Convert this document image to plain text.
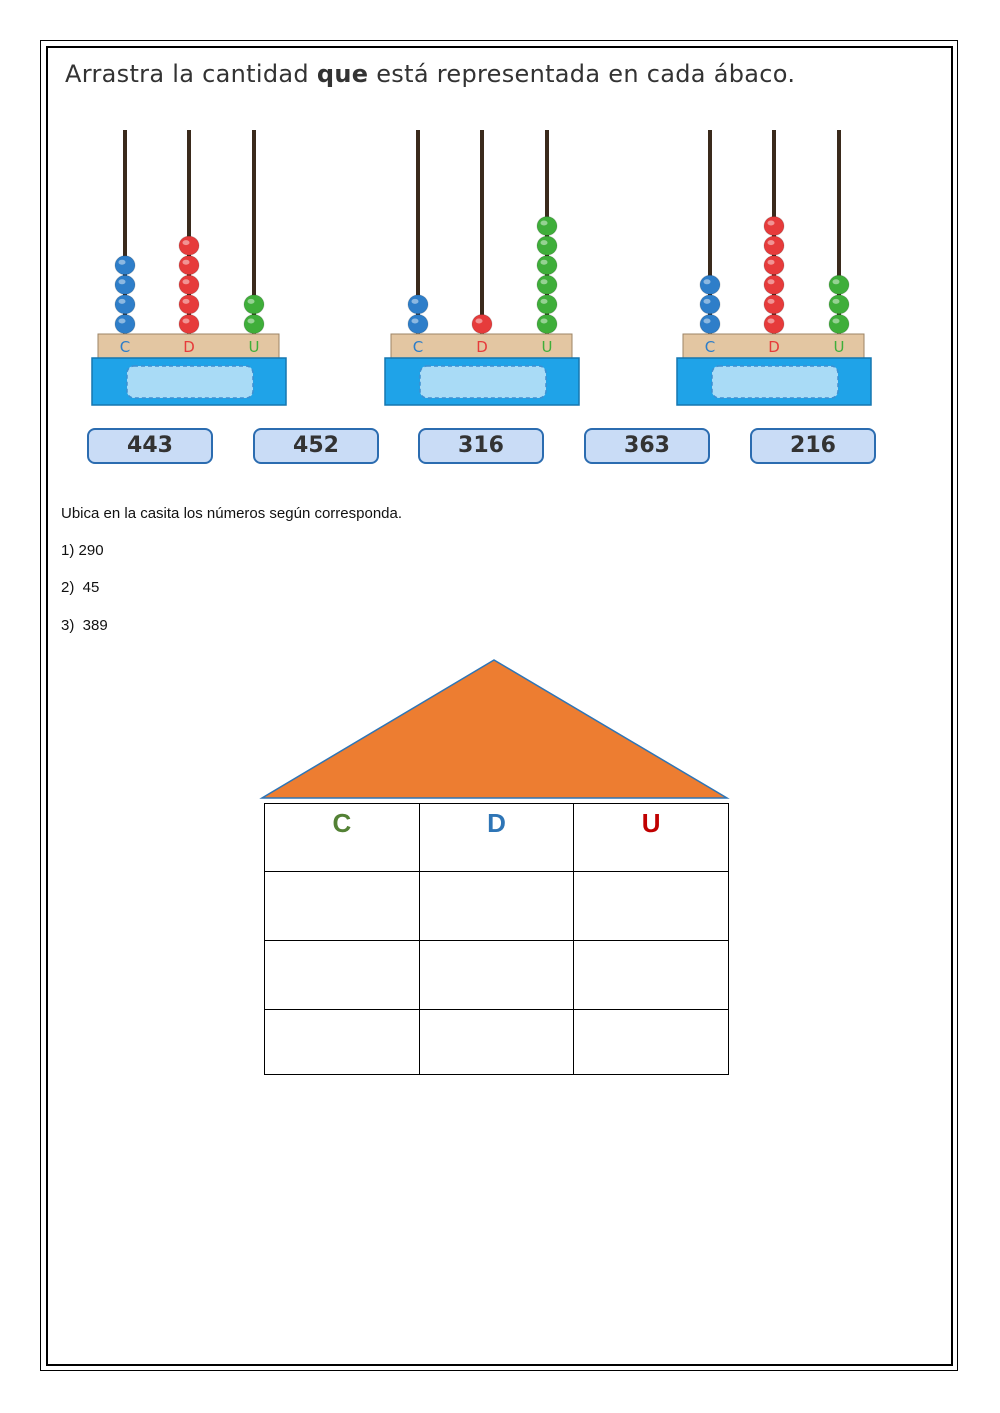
Arrastra la cantidad que está representada en cada ábaco.
C	D	U	C	D	U	C	D	U
443	452	316	363	216
Ubica en la casita los números según corresponda.
1) 290
2)  45
3)  389
C	D	U
